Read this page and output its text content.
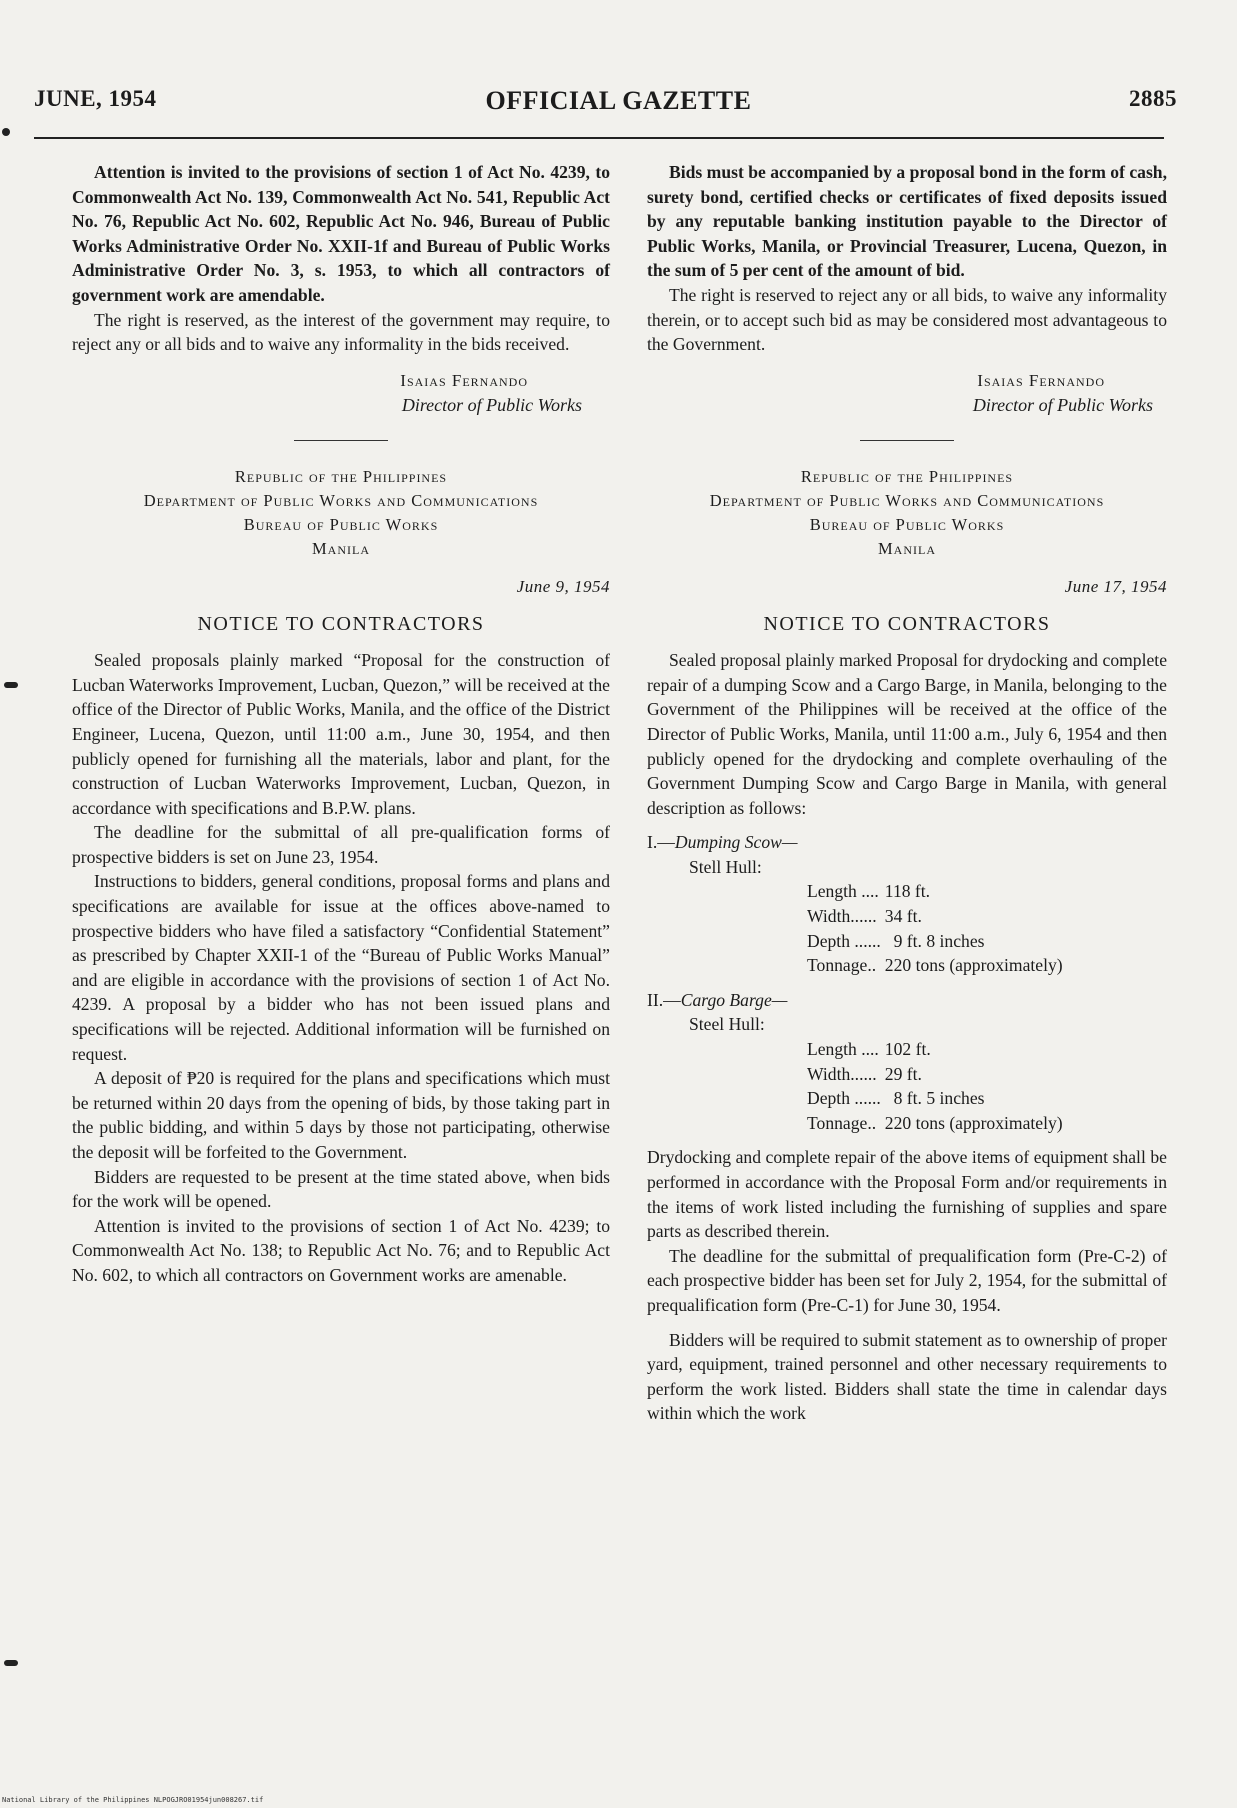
JUNE, 1954	OFFICIAL GAZETTE	2885

Attention is invited to the provisions of section 1 of Act No. 4239, to Commonwealth Act No. 139, Commonwealth Act No. 541, Republic Act No. 76, Republic Act No. 602, Republic Act No. 946, Bureau of Public Works Administrative Order No. XXII-1f and Bureau of Public Works Administrative Order No. 3, s. 1953, to which all contractors of government work are amendable.

The right is reserved, as the interest of the government may require, to reject any or all bids and to waive any informality in the bids received.

Isaias Fernando
Director of Public Works
Republic of the Philippines
Department of Public Works and Communications
Bureau of Public Works
Manila
June 9, 1954
NOTICE TO CONTRACTORS

Sealed proposals plainly marked “Proposal for the construction of Lucban Waterworks Improvement, Lucban, Quezon,” will be received at the office of the Director of Public Works, Manila, and the office of the District Engineer, Lucena, Quezon, until 11:00 a.m., June 30, 1954, and then publicly opened for furnishing all the materials, labor and plant, for the construction of Lucban Waterworks Improvement, Lucban, Quezon, in accordance with specifications and B.P.W. plans.

The deadline for the submittal of all pre-qualification forms of prospective bidders is set on June 23, 1954.

Instructions to bidders, general conditions, proposal forms and plans and specifications are available for issue at the offices above-named to prospective bidders who have filed a satisfactory “Confidential Statement” as prescribed by Chapter XXII-1 of the “Bureau of Public Works Manual” and are eligible in accordance with the provisions of section 1 of Act No. 4239. A proposal by a bidder who has not been issued plans and specifications will be rejected. Additional information will be furnished on request.

A deposit of ₱20 is required for the plans and specifications which must be returned within 20 days from the opening of bids, by those taking part in the public bidding, and within 5 days by those not participating, otherwise the deposit will be forfeited to the Government.

Bidders are requested to be present at the time stated above, when bids for the work will be opened.

Attention is invited to the provisions of section 1 of Act No. 4239; to Commonwealth Act No. 138; to Republic Act No. 76; and to Republic Act No. 602, to which all contractors on Government works are amenable.

Bids must be accompanied by a proposal bond in the form of cash, surety bond, certified checks or certificates of fixed deposits issued by any reputable banking institution payable to the Director of Public Works, Manila, or Provincial Treasurer, Lucena, Quezon, in the sum of 5 per cent of the amount of bid.

The right is reserved to reject any or all bids, to waive any informality therein, or to accept such bid as may be considered most advantageous to the Government.

Isaias Fernando
Director of Public Works
Republic of the Philippines
Department of Public Works and Communications
Bureau of Public Works
Manila
June 17, 1954
NOTICE TO CONTRACTORS

Sealed proposal plainly marked Proposal for drydocking and complete repair of a dumping Scow and a Cargo Barge, in Manila, belonging to the Government of the Philippines will be received at the office of the Director of Public Works, Manila, until 11:00 a.m., July 6, 1954 and then publicly opened for the drydocking and complete overhauling of the Government Dumping Scow and Cargo Barge in Manila, with general description as follows:

I.—Dumping Scow—
Stell Hull:
Length ....	118 ft.
Width......	34 ft.
Depth ......	9 ft. 8 inches
Tonnage..	220 tons (approximately)
II.—Cargo Barge—
Steel Hull:
Length ....	102 ft.
Width......	29 ft.
Depth ......	8 ft. 5 inches
Tonnage..	220 tons (approximately)

Drydocking and complete repair of the above items of equipment shall be performed in accordance with the Proposal Form and/or requirements in the items of work listed including the furnishing of supplies and spare parts as described therein.

The deadline for the submittal of prequalification form (Pre-C-2) of each prospective bidder has been set for July 2, 1954, for the submittal of prequalification form (Pre-C-1) for June 30, 1954.

Bidders will be required to submit statement as to ownership of proper yard, equipment, trained personnel and other necessary requirements to perform the work listed. Bidders shall state the time in calendar days within which the work

National Library of the Philippines NLPOGJRO01954jun008267.tif
